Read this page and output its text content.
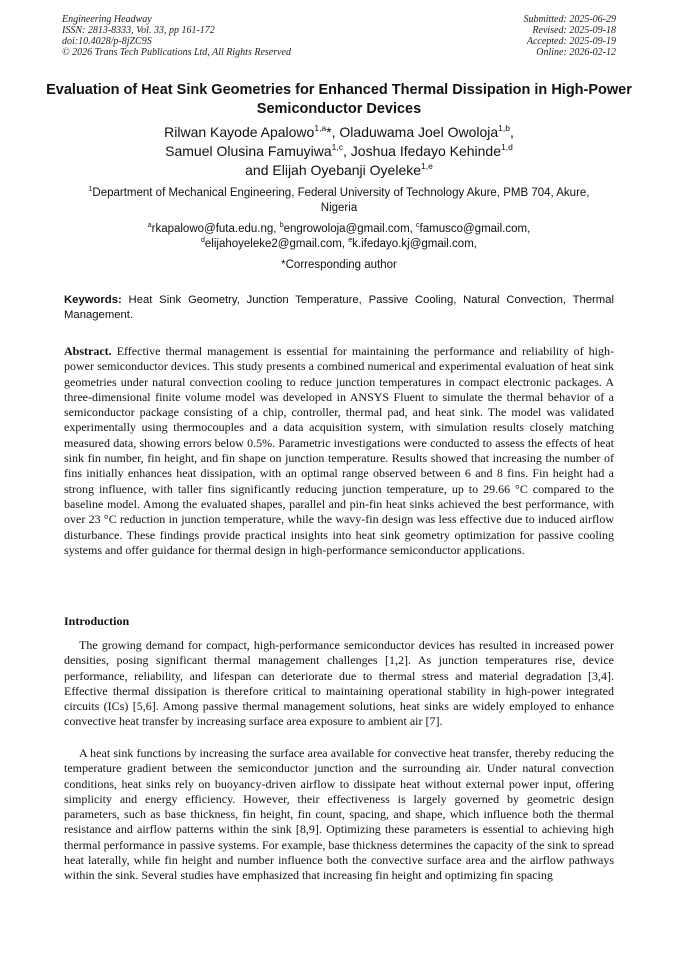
Engineering Headway
ISSN: 2813-8333, Vol. 33, pp 161-172
doi:10.4028/p-8jZC9S
© 2026 Trans Tech Publications Ltd, All Rights Reserved
Submitted: 2025-06-29
Revised: 2025-09-18
Accepted: 2025-09-19
Online: 2026-02-12
Evaluation of Heat Sink Geometries for Enhanced Thermal Dissipation in High-Power Semiconductor Devices
Rilwan Kayode Apalowo$^{1,a}$*, Oladuwama Joel Owoloja$^{1,b}$,
Samuel Olusina Famuyiwa$^{1,c}$, Joshua Ifedayo Kehinde$^{1,d}$
and Elijah Oyebanji Oyeleke$^{1,e}$
$^1$Department of Mechanical Engineering, Federal University of Technology Akure, PMB 704, Akure, Nigeria
$^a$rkapalowo@futa.edu.ng, $^b$engrowoloja@gmail.com, $^c$famusco@gmail.com,
$^d$elijahoyeleke2@gmail.com, $^e$k.ifedayo.kj@gmail.com,
*Corresponding author
Keywords: Heat Sink Geometry, Junction Temperature, Passive Cooling, Natural Convection, Thermal Management.
Abstract. Effective thermal management is essential for maintaining the performance and reliability of high-power semiconductor devices. This study presents a combined numerical and experimental evaluation of heat sink geometries under natural convection cooling to reduce junction temperatures in compact electronic packages. A three-dimensional finite volume model was developed in ANSYS Fluent to simulate the thermal behavior of a semiconductor package consisting of a chip, controller, thermal pad, and heat sink. The model was validated experimentally using thermocouples and a data acquisition system, with simulation results closely matching measured data, showing errors below 0.5%. Parametric investigations were conducted to assess the effects of heat sink fin number, fin height, and fin shape on junction temperature. Results showed that increasing the number of fins initially enhances heat dissipation, with an optimal range observed between 6 and 8 fins. Fin height had a strong influence, with taller fins significantly reducing junction temperature, up to 29.66 °C compared to the baseline model. Among the evaluated shapes, parallel and pin-fin heat sinks achieved the best performance, with over 23 °C reduction in junction temperature, while the wavy-fin design was less effective due to induced airflow disturbance. These findings provide practical insights into heat sink geometry optimization for passive cooling systems and offer guidance for thermal design in high-performance semiconductor applications.
Introduction
The growing demand for compact, high-performance semiconductor devices has resulted in increased power densities, posing significant thermal management challenges [1,2]. As junction temperatures rise, device performance, reliability, and lifespan can deteriorate due to thermal stress and material degradation [3,4]. Effective thermal dissipation is therefore critical to maintaining operational stability in high-power integrated circuits (ICs) [5,6]. Among passive thermal management solutions, heat sinks are widely employed to enhance convective heat transfer by increasing surface area exposure to ambient air [7].
A heat sink functions by increasing the surface area available for convective heat transfer, thereby reducing the temperature gradient between the semiconductor junction and the surrounding air. Under natural convection conditions, heat sinks rely on buoyancy-driven airflow to dissipate heat without external power input, offering simplicity and energy efficiency. However, their effectiveness is largely governed by geometric design parameters, such as base thickness, fin height, fin count, spacing, and shape, which influence both the thermal resistance and airflow patterns within the sink [8,9]. Optimizing these parameters is essential to achieving high thermal performance in passive systems. For example, base thickness determines the capacity of the sink to spread heat laterally, while fin height and number influence both the convective surface area and the airflow pathways within the sink. Several studies have emphasized that increasing fin height and optimizing fin spacing
